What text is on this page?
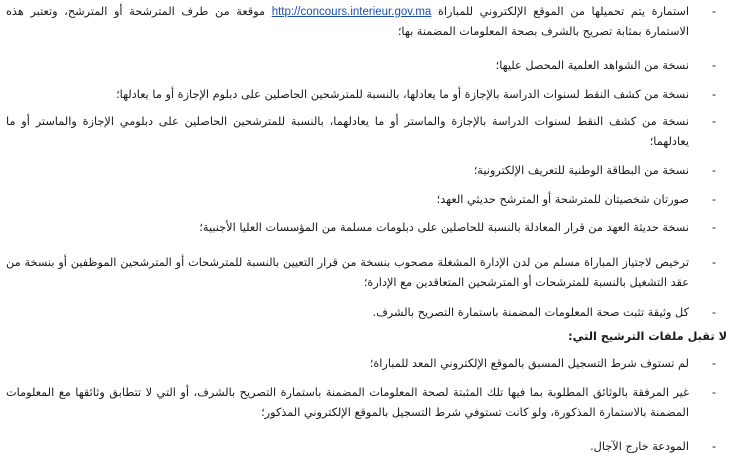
-
استمارة يتم تحميلها من الموقع الإلكتروني للمباراة http://concours.interieur.gov.ma موقعة من طرف المترشحة أو المترشح، وتعتبر هذه الاستمارة بمثابة تصريح بالشرف بصحة المعلومات المضمنة بها؛
-
نسخة من الشواهد العلمية المحصل عليها؛
-
نسخة من كشف النقط لسنوات الدراسة بالإجازة أو ما يعادلها، بالنسبة للمترشحين الحاصلين على دبلوم الإجازة أو ما يعادلها؛
-
نسخة من كشف النقط لسنوات الدراسة بالإجازة والماستر أو ما يعادلهما، بالنسبة للمترشحين الحاصلين على دبلومي الإجازة والماستر أو ما يعادلهما؛
-
نسخة من البطاقة الوطنية للتعريف الإلكترونية؛
-
صورتان شخصيتان للمترشحة أو المترشح حديثي العهد؛
-
نسخة حديثة العهد من قرار المعادلة بالنسبة للحاصلين على دبلومات مسلمة من المؤسسات العليا الأجنبية؛
-
ترخيص لاجتياز المباراة مسلم من لدن الإدارة المشغلة مصحوب بنسخة من قرار التعيين بالنسبة للمترشحات أو المترشحين الموظفين أو بنسخة من عقد التشغيل بالنسبة للمترشحات أو المترشحين المتعاقدين مع الإدارة؛
-
كل وثيقة تثبت صحة المعلومات المضمنة باستمارة التصريح بالشرف.
لا تقبل ملفات الترشيح التي:
-
لم تستوف شرط التسجيل المسبق بالموقع الإلكتروني المعد للمباراة؛
-
غير المرفقة بالوثائق المطلوبة بما فيها تلك المثبتة لصحة المعلومات المضمنة باستمارة التصريح بالشرف، أو التي لا تتطابق وثائقها مع المعلومات المضمنة بالاستمارة المذكورة، ولو كانت تستوفي شرط التسجيل بالموقع الإلكتروني المذكور؛
-
المودعة خارج الآجال.
